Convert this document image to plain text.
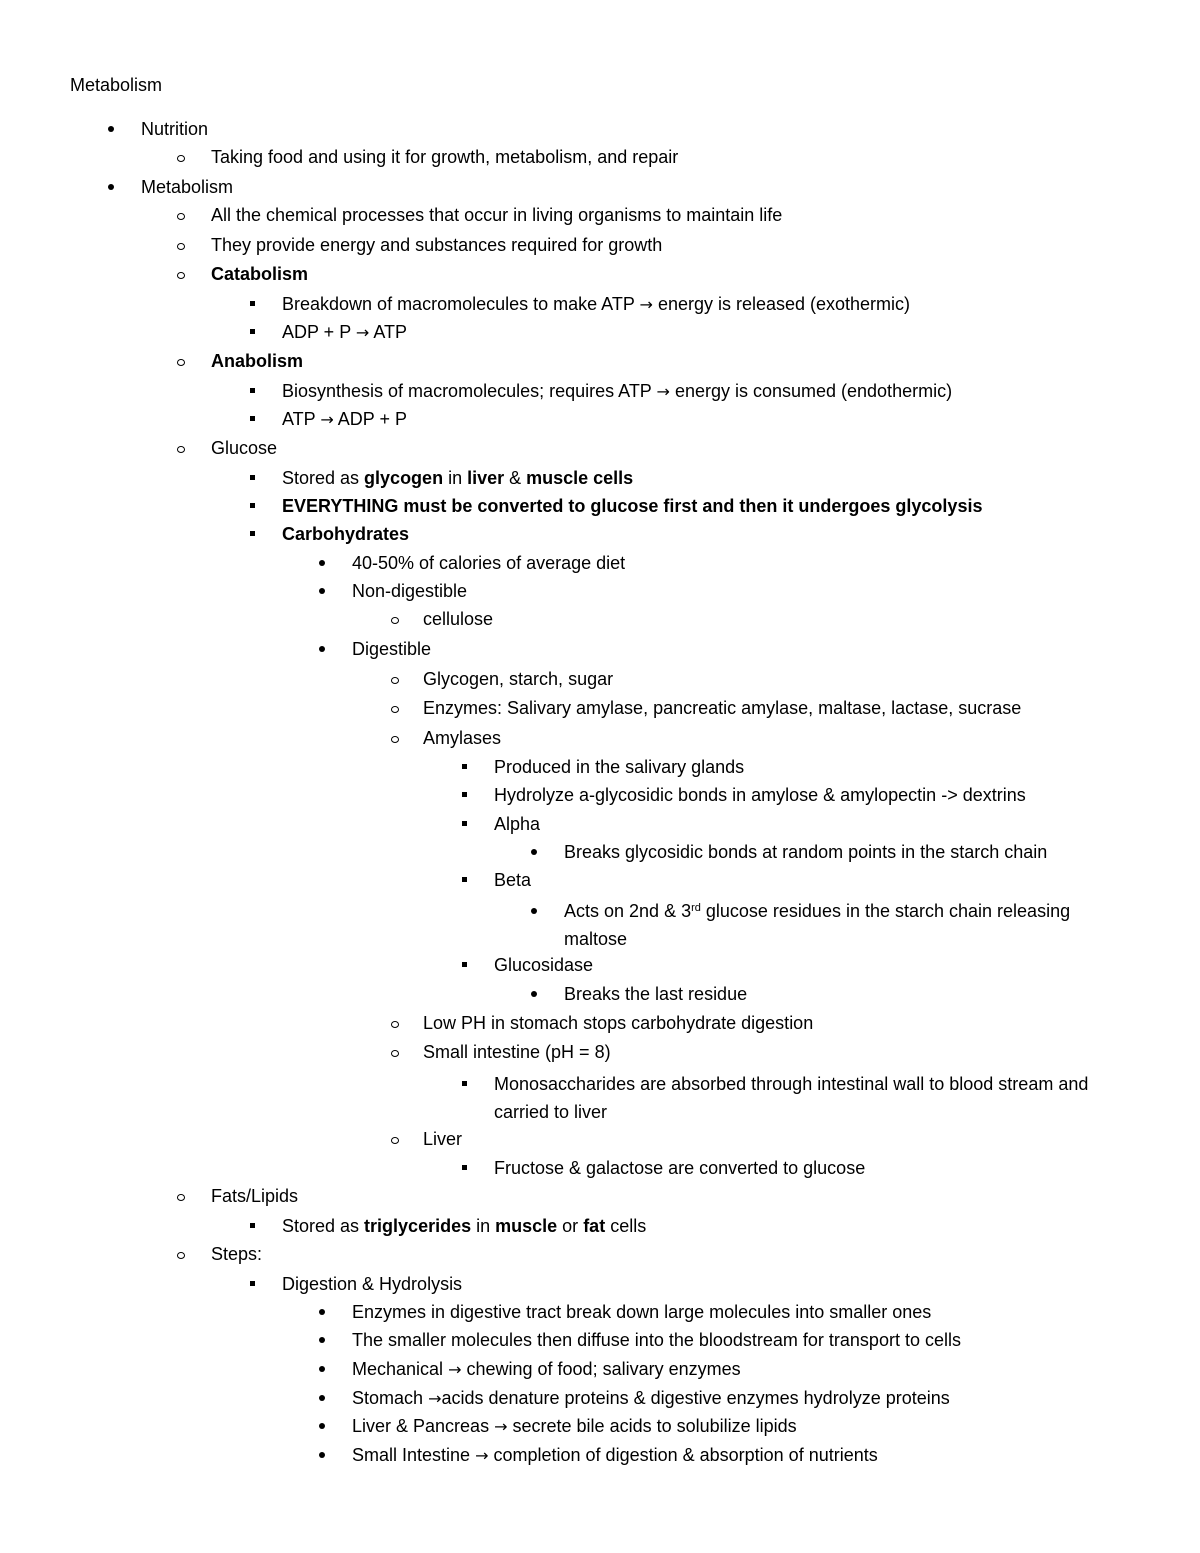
Metabolism
Nutrition
Taking food and using it for growth, metabolism, and repair
Metabolism
All the chemical processes that occur in living organisms to maintain life
They provide energy and substances required for growth
Catabolism
Breakdown of macromolecules to make ATP → energy is released (exothermic)
ADP + P → ATP
Anabolism
Biosynthesis of macromolecules; requires ATP → energy is consumed (endothermic)
ATP → ADP + P
Glucose
Stored as glycogen in liver & muscle cells
EVERYTHING must be converted to glucose first and then it undergoes glycolysis
Carbohydrates
40-50% of calories of average diet
Non-digestible
cellulose
Digestible
Glycogen, starch, sugar
Enzymes: Salivary amylase, pancreatic amylase, maltase, lactase, sucrase
Amylases
Produced in the salivary glands
Hydrolyze a-glycosidic bonds in amylose & amylopectin -> dextrins
Alpha
Breaks glycosidic bonds at random points in the starch chain
Beta
Acts on 2nd & 3rd glucose residues in the starch chain releasing maltose
Glucosidase
Breaks the last residue
Low PH in stomach stops carbohydrate digestion
Small intestine (pH = 8)
Monosaccharides are absorbed through intestinal wall to blood stream and carried to liver
Liver
Fructose & galactose are converted to glucose
Fats/Lipids
Stored as triglycerides in muscle or fat cells
Steps:
Digestion & Hydrolysis
Enzymes in digestive tract break down large molecules into smaller ones
The smaller molecules then diffuse into the bloodstream for transport to cells
Mechanical → chewing of food; salivary enzymes
Stomach →acids denature proteins & digestive enzymes hydrolyze proteins
Liver & Pancreas → secrete bile acids to solubilize lipids
Small Intestine → completion of digestion & absorption of nutrients
